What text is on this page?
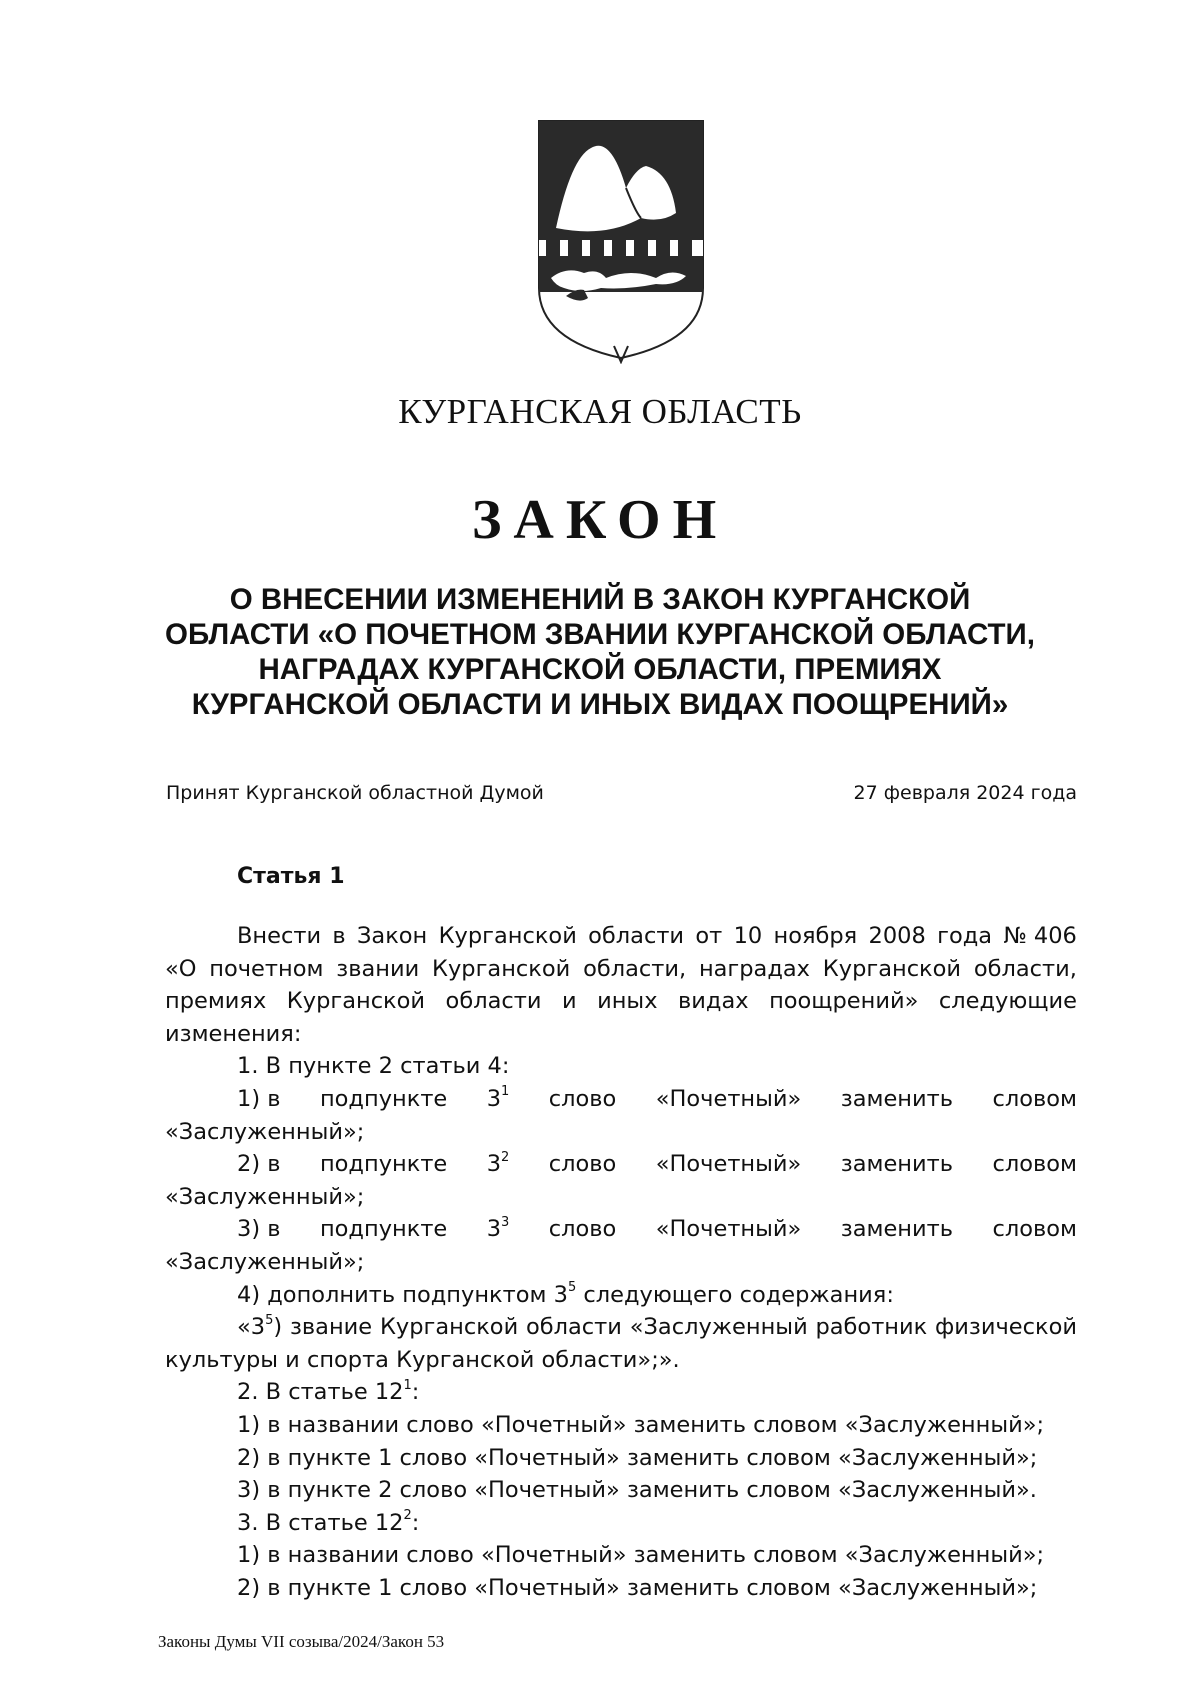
КУРГАНСКАЯ ОБЛАСТЬ
ЗАКОН
О ВНЕСЕНИИ ИЗМЕНЕНИЙ В ЗАКОН КУРГАНСКОЙ
ОБЛАСТИ «О ПОЧЕТНОМ ЗВАНИИ КУРГАНСКОЙ ОБЛАСТИ,
НАГРАДАХ КУРГАНСКОЙ ОБЛАСТИ, ПРЕМИЯХ
КУРГАНСКОЙ ОБЛАСТИ И ИНЫХ ВИДАХ ПООЩРЕНИЙ»
Принят Курганской областной Думой	27 февраля 2024 года
Статья 1
Внести в Закон Курганской области от 10 ноября 2008 года № 406
«О почетном звании Курганской области, наградах Курганской области,
премиях Курганской области и иных видах поощрений» следующие
изменения:
1. В пункте 2 статьи 4:
1) в подпункте $3^1$ слово «Почетный» заменить словом
«Заслуженный»;
2) в подпункте $3^2$ слово «Почетный» заменить словом
«Заслуженный»;
3) в подпункте $3^3$ слово «Почетный» заменить словом
«Заслуженный»;
4) дополнить подпунктом $3^5$ следующего содержания:
«$3^5$) звание Курганской области «Заслуженный работник физической
культуры и спорта Курганской области»;».
2. В статье $12^1$:
1) в названии слово «Почетный» заменить словом «Заслуженный»;
2) в пункте 1 слово «Почетный» заменить словом «Заслуженный»;
3) в пункте 2 слово «Почетный» заменить словом «Заслуженный».
3. В статье $12^2$:
1) в названии слово «Почетный» заменить словом «Заслуженный»;
2) в пункте 1 слово «Почетный» заменить словом «Заслуженный»;
Законы Думы VII созыва/2024/Закон 53
